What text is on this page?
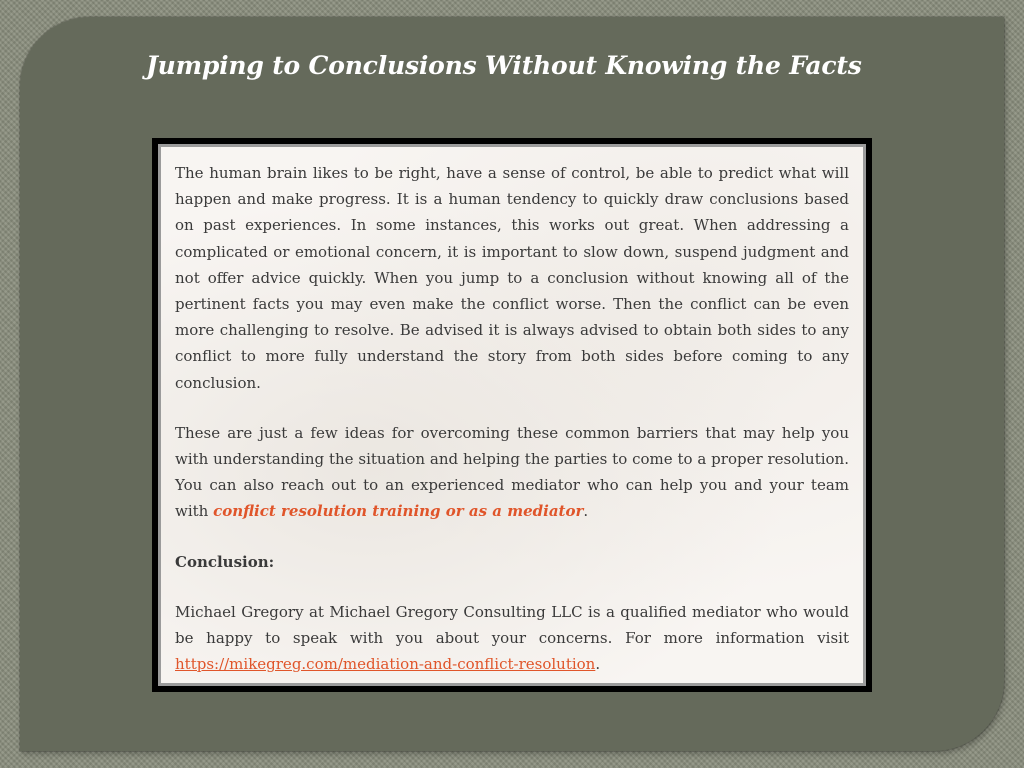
Jumping to Conclusions Without Knowing the Facts

The human brain likes to be right, have a sense of control, be able to predict what will happen and make progress. It is a human tendency to quickly draw conclusions based on past experiences. In some instances, this works out great. When addressing a complicated or emotional concern, it is important to slow down, suspend judgment and not offer advice quickly. When you jump to a conclusion without knowing all of the pertinent facts you may even make the conflict worse. Then the conflict can be even more challenging to resolve. Be advised it is always advised to obtain both sides to any conflict to more fully understand the story from both sides before coming to any conclusion.

These are just a few ideas for overcoming these common barriers that may help you with understanding the situation and helping the parties to come to a proper resolution. You can also reach out to an experienced mediator who can help you and your team with conflict resolution training or as a mediator.

Conclusion:

Michael Gregory at Michael Gregory Consulting LLC is a qualified mediator who would be happy to speak with you about your concerns. For more information visit https://mikegreg.com/mediation-and-conflict-resolution.
